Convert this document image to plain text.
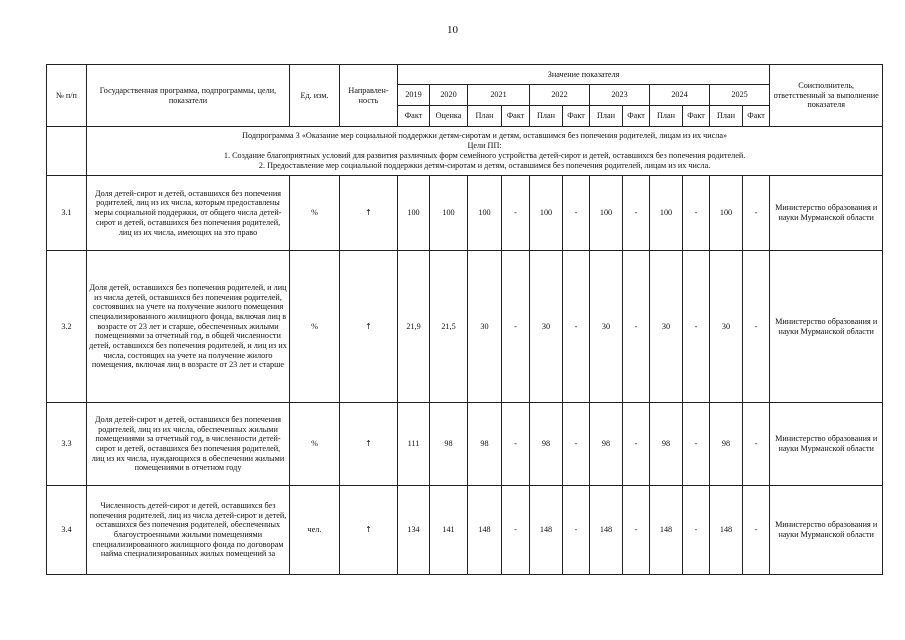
10
№ п/п	Государственная программа, подпрограммы, цели, показатели	Ед. изм.	Направлен-ность	Значение показателя												Соисполнитель, ответственный за выполнение показателя
				2019	2020	2021		2022		2023		2024		2025		
				Факт	Оценка	План	Факт	План	Факт	План	Факт	План	Факт	План	Факт	

	Подпрограмма 3 «Оказание мер социальной поддержки детям-сиротам и детям, оставшимся без попечения родителей, лицам из их числа»
Цели ПП:
1. Создание благоприятных условий для развития различных форм семейного устройства детей-сирот и детей, оставшихся без попечения родителей.
2. Предоставление мер социальной поддержки детям-сиротам и детям, оставшимся без попечения родителей, лицам из их числа.															

3.1	Доля детей-сирот и детей, оставшихся без попечения родителей, лиц из их числа, которым предоставлены меры социальной поддержки, от общего числа детей-сирот и детей, оставшихся без попечения родителей, лиц из их числа, имеющих на это право	%	↑	100	100	100	-	100	-	100	-	100	-	100	-	Министерство образования и науки Мурманской области
3.2	Доля детей, оставшихся без попечения родителей, и лиц из числа детей, оставшихся без попечения родителей, состоявших на учете на получение жилого помещения специализированного жилищного фонда, включая лиц в возрасте от 23 лет и старше, обеспеченных жилыми помещениями за отчетный год, в общей численности детей, оставшихся без попечения родителей, и лиц из их числа, состоящих на учете на получение жилого помещения, включая лиц в возрасте от 23 лет и старше	%	↑	21,9	21,5	30	-	30	-	30	-	30	-	30	-	Министерство образования и науки Мурманской области
3.3	Доля детей-сирот и детей, оставшихся без попечения родителей, лиц из их числа, обеспеченных жилыми помещениями за отчетный год, в численности детей-сирот и детей, оставшихся без попечения родителей, лиц из их числа, нуждающихся в обеспечении жилыми помещениями в отчетном году	%	↑	111	98	98	-	98	-	98	-	98	-	98	-	Министерство образования и науки Мурманской области
3.4	Численность детей-сирот и детей, оставшихся без попечения родителей, лиц из числа детей-сирот и детей, оставшихся без попечения родителей, обеспеченных благоустроенными жилыми помещениями специализированного жилищного фонда по договорам найма специализированных жилых помещений за	чел.	↑	134	141	148	-	148	-	148	-	148	-	148	-	Министерство образования и науки Мурманской области
